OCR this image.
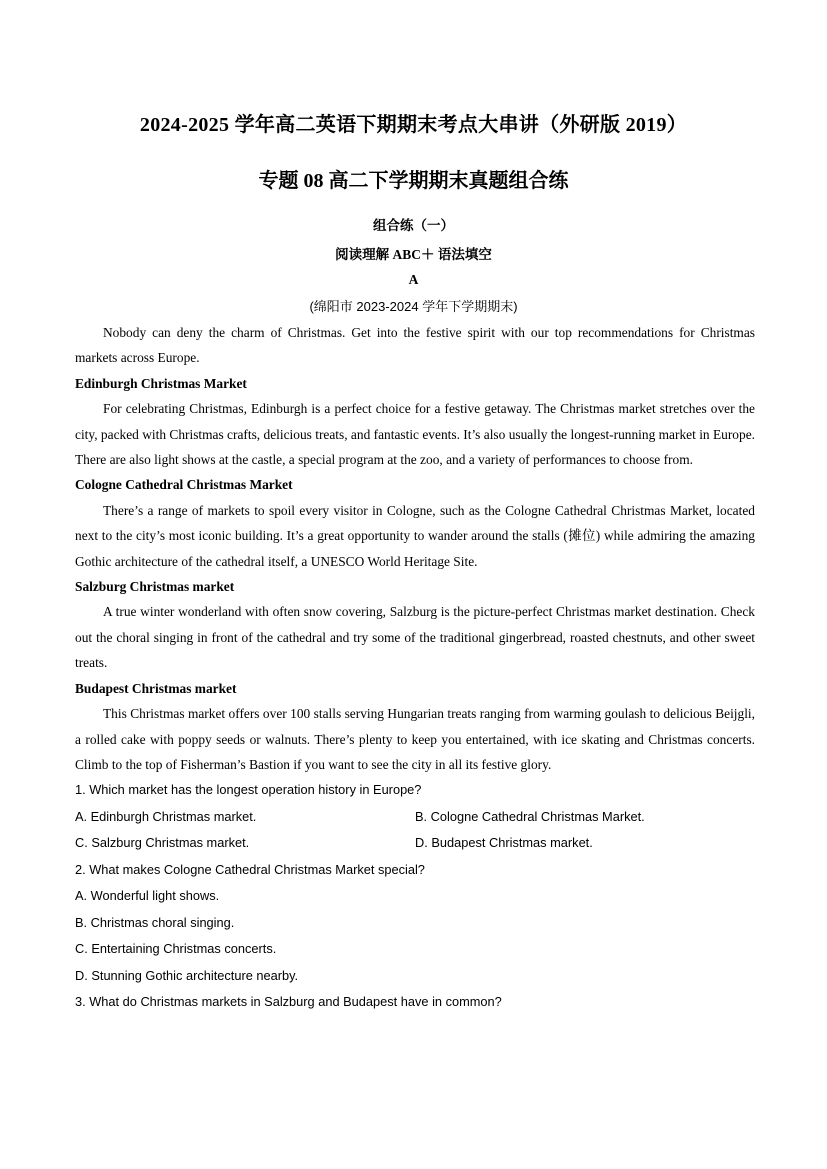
2024-2025 学年高二英语下期期末考点大串讲（外研版 2019）
专题 08 高二下学期期末真题组合练
组合练（一）
阅读理解 ABC＋ 语法填空
A
(绵阳市 2023-2024 学年下学期期末)

Nobody can deny the charm of Christmas. Get into the festive spirit with our top recommendations for Christmas markets across Europe.

Edinburgh Christmas Market

For celebrating Christmas, Edinburgh is a perfect choice for a festive getaway. The Christmas market stretches over the city, packed with Christmas crafts, delicious treats, and fantastic events. It’s also usually the longest-running market in Europe. There are also light shows at the castle, a special program at the zoo, and a variety of performances to choose from.

Cologne Cathedral Christmas Market

There’s a range of markets to spoil every visitor in Cologne, such as the Cologne Cathedral Christmas Market, located next to the city’s most iconic building. It’s a great opportunity to wander around the stalls (摊位) while admiring the amazing Gothic architecture of the cathedral itself, a UNESCO World Heritage Site.

Salzburg Christmas market

A true winter wonderland with often snow covering, Salzburg is the picture-perfect Christmas market destination. Check out the choral singing in front of the cathedral and try some of the traditional gingerbread, roasted chestnuts, and other sweet treats.

Budapest Christmas market

This Christmas market offers over 100 stalls serving Hungarian treats ranging from warming goulash to delicious Beijgli, a rolled cake with poppy seeds or walnuts. There’s plenty to keep you entertained, with ice skating and Christmas concerts. Climb to the top of Fisherman’s Bastion if you want to see the city in all its festive glory.

1. Which market has the longest operation history in Europe?

A. Edinburgh Christmas market.	B. Cologne Cathedral Christmas Market.
C. Salzburg Christmas market.	D. Budapest Christmas market.

2. What makes Cologne Cathedral Christmas Market special?

A. Wonderful light shows.

B. Christmas choral singing.

C. Entertaining Christmas concerts.

D. Stunning Gothic architecture nearby.

3. What do Christmas markets in Salzburg and Budapest have in common?
